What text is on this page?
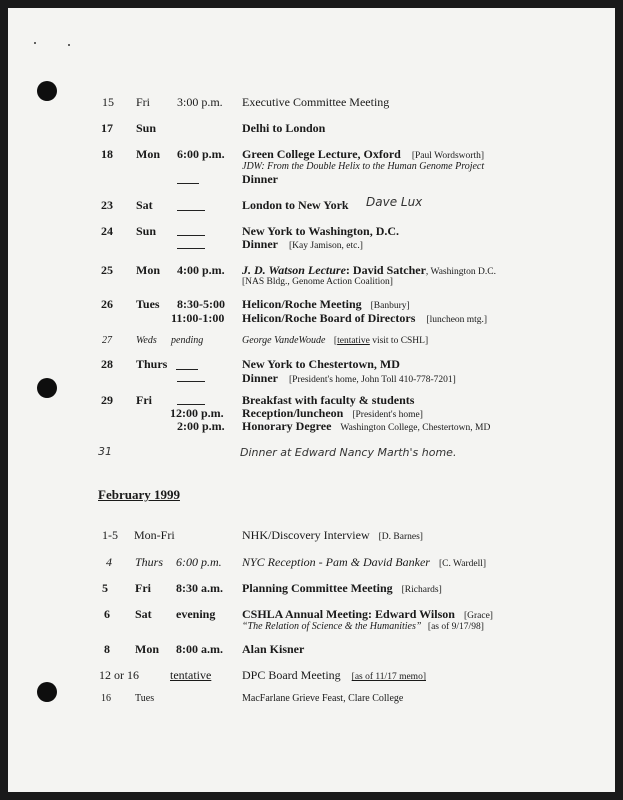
15 Fri 3:00 p.m. Executive Committee Meeting
17 Sun	Delhi to London
18 Mon 6:00 p.m. Green College Lecture, Oxford [Paul Wordsworth]
JDW: From the Double Helix to the Human Genome Project
Dinner
23 Sat	London to New York Dave Lux
24 Sun	New York to Washington, D.C.
Dinner [Kay Jamison, etc.]
25 Mon 4:00 p.m. J. D. Watson Lecture: David Satcher, Washington D.C.
[NAS Bldg., Genome Action Coalition]
26 Tues 8:30-5:00 Helicon/Roche Meeting [Banbury]
11:00-1:00 Helicon/Roche Board of Directors [luncheon mtg.]
27 Weds pending	George VandeWoude [tentative visit to CSHL]
28 Thurs	New York to Chestertown, MD
Dinner [President's home, John Toll 410-778-7201]
29 Fri	Breakfast with faculty & students
12:00 p.m. Reception/luncheon [President's home]
2:00 p.m. Honorary Degree Washington College, Chestertown, MD
31	Dinner at Edward Nancy Marth's home.
February 1999
1-5 Mon-Fri	NHK/Discovery Interview [D. Barnes]
4 Thurs 6:00 p.m. NYC Reception - Pam & David Banker [C. Wardell]
5 Fri 8:30 a.m. Planning Committee Meeting [Richards]
6 Sat evening CSHLA Annual Meeting: Edward Wilson [Grace]
“The Relation of Science & the Humanities” [as of 9/17/98]
8 Mon 8:00 a.m. Alan Kisner
12 or 16	tentative	DPC Board Meeting [as of 11/17 memo]
16 Tues	MacFarlane Grieve Feast, Clare College
